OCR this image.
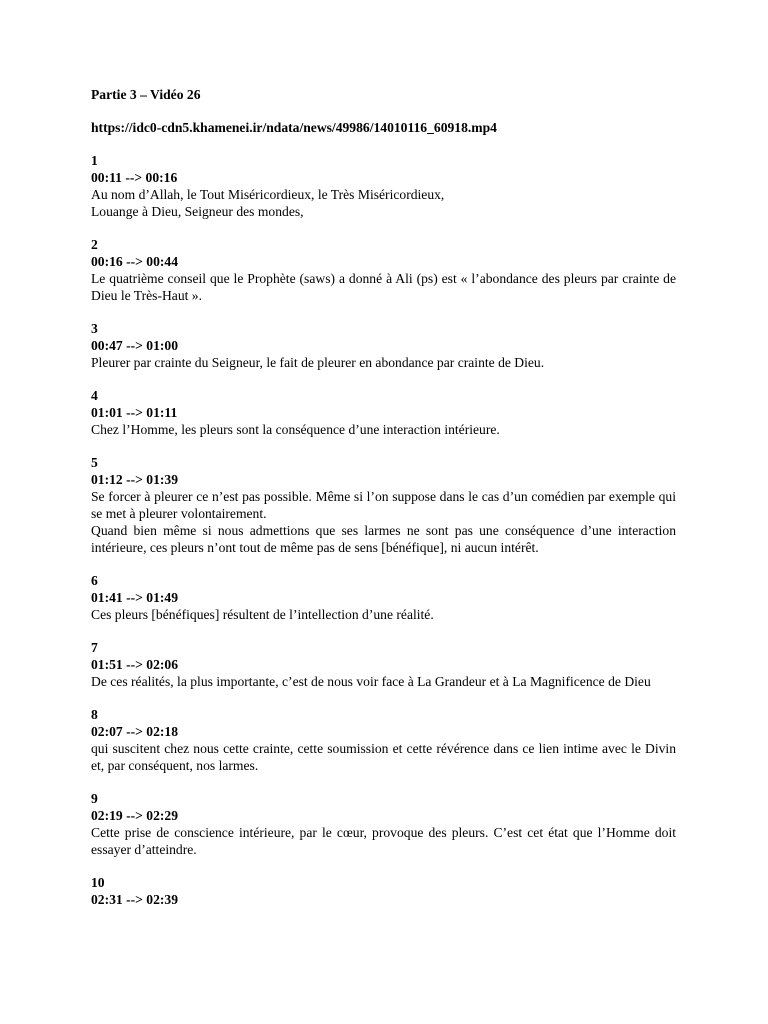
Partie 3 – Vidéo 26
https://idc0-cdn5.khamenei.ir/ndata/news/49986/14010116_60918.mp4
1
00:11 --> 00:16
Au nom d’Allah, le Tout Miséricordieux, le Très Miséricordieux,
Louange à Dieu, Seigneur des mondes,
2
00:16 --> 00:44
Le quatrième conseil que le Prophète (saws) a donné à Ali (ps) est « l’abondance des pleurs par crainte de Dieu le Très-Haut ».
3
00:47 --> 01:00
Pleurer par crainte du Seigneur, le fait de pleurer en abondance par crainte de Dieu.
4
01:01 --> 01:11
Chez l’Homme, les pleurs sont la conséquence d’une interaction intérieure.
5
01:12 --> 01:39
Se forcer à pleurer ce n’est pas possible. Même si l’on suppose dans le cas d’un comédien par exemple qui se met à pleurer volontairement.
Quand bien même si nous admettions que ses larmes ne sont pas une conséquence d’une interaction intérieure, ces pleurs n’ont tout de même pas de sens [bénéfique], ni aucun intérêt.
6
01:41 --> 01:49
Ces pleurs [bénéfiques] résultent de l’intellection d’une réalité.
7
01:51 --> 02:06
De ces réalités, la plus importante, c’est de nous voir face à La Grandeur et à La Magnificence de Dieu
8
02:07 --> 02:18
qui suscitent chez nous cette crainte, cette soumission et cette révérence dans ce lien intime avec le Divin et, par conséquent, nos larmes.
9
02:19 --> 02:29
Cette prise de conscience intérieure, par le cœur, provoque des pleurs. C’est cet état que l’Homme doit essayer d’atteindre.
10
02:31 --> 02:39
